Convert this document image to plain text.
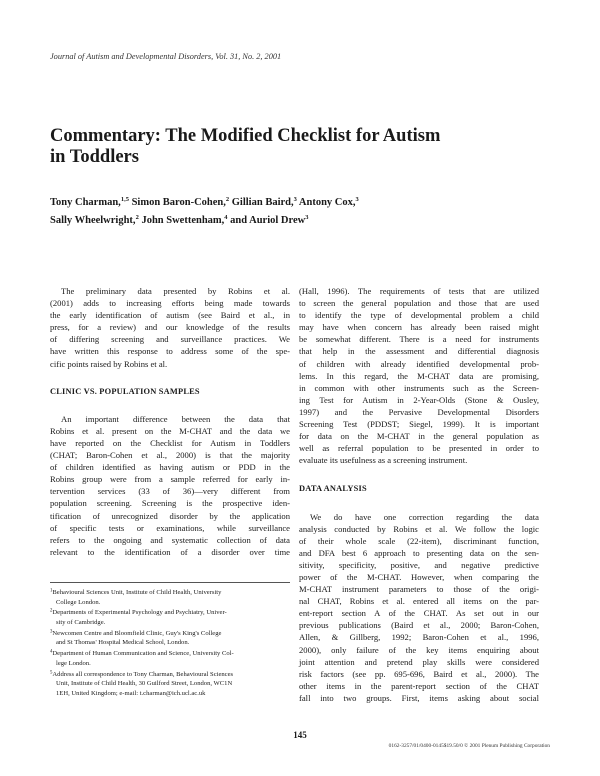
Journal of Autism and Developmental Disorders, Vol. 31, No. 2, 2001
Commentary: The Modified Checklist for Autism
in Toddlers
Tony Charman,$^{1,5}$ Simon Baron-Cohen,$^2$ Gillian Baird,$^3$ Antony Cox,$^3$
Sally Wheelwright,$^2$ John Swettenham,$^4$ and Auriol Drew$^3$
The preliminary data presented by Robins et al.
(2001) adds to increasing efforts being made towards
the early identification of autism (see Baird et al., in
press, for a review) and our knowledge of the results
of differing screening and surveillance practices. We
have written this response to address some of the spe-
cific points raised by Robins et al.
CLINIC VS. POPULATION SAMPLES
An important difference between the data that
Robins et al. present on the M-CHAT and the data we
have reported on the Checklist for Autism in Toddlers
(CHAT; Baron-Cohen et al., 2000) is that the majority
of children identified as having autism or PDD in the
Robins group were from a sample referred for early in-
tervention services (33 of 36)—very different from
population screening. Screening is the prospective iden-
tification of unrecognized disorder by the application
of specific tests or examinations, while surveillance
refers to the ongoing and systematic collection of data
relevant to the identification of a disorder over time
$^1$Behavioural Sciences Unit, Institute of Child Health, University
College London.
$^2$Departments of Experimental Psychology and Psychiatry, Univer-
sity of Cambridge.
$^3$Newcomen Centre and Bloomfield Clinic, Guy's King's College
and St Thomas' Hospital Medical School, London.
$^4$Department of Human Communication and Science, University Col-
lege London.
$^5$Address all correspondence to Tony Charman, Behavioural Sciences
Unit, Institute of Child Health, 30 Guilford Street, London, WC1N
1EH, United Kingdom; e-mail: t.charman@ich.ucl.ac.uk
(Hall, 1996). The requirements of tests that are utilized
to screen the general population and those that are used
to identify the type of developmental problem a child
may have when concern has already been raised might
be somewhat different. There is a need for instruments
that help in the assessment and differential diagnosis
of children with already identified developmental prob-
lems. In this regard, the M-CHAT data are promising,
in common with other instruments such as the Screen-
ing Test for Autism in 2-Year-Olds (Stone & Ousley,
1997) and the Pervasive Developmental Disorders
Screening Test (PDDST; Siegel, 1999). It is important
for data on the M-CHAT in the general population as
well as referral population to be presented in order to
evaluate its usefulness as a screening instrument.
DATA ANALYSIS
We do have one correction regarding the data
analysis conducted by Robins et al. We follow the logic
of their whole scale (22-item), discriminant function,
and DFA best 6 approach to presenting data on the sen-
sitivity, specificity, positive, and negative predictive
power of the M-CHAT. However, when comparing the
M-CHAT instrument parameters to those of the origi-
nal CHAT, Robins et al. entered all items on the par-
ent-report section A of the CHAT. As set out in our
previous publications (Baird et al., 2000; Baron-Cohen,
Allen, & Gillberg, 1992; Baron-Cohen et al., 1996,
2000), only failure of the key items enquiring about
joint attention and pretend play skills were considered
risk factors (see pp. 695-696, Baird et al., 2000). The
other items in the parent-report section of the CHAT
fall into two groups. First, items asking about social
145
0162-3257/01/0400-0145$19.50/0 © 2001 Plenum Publishing Corporation
